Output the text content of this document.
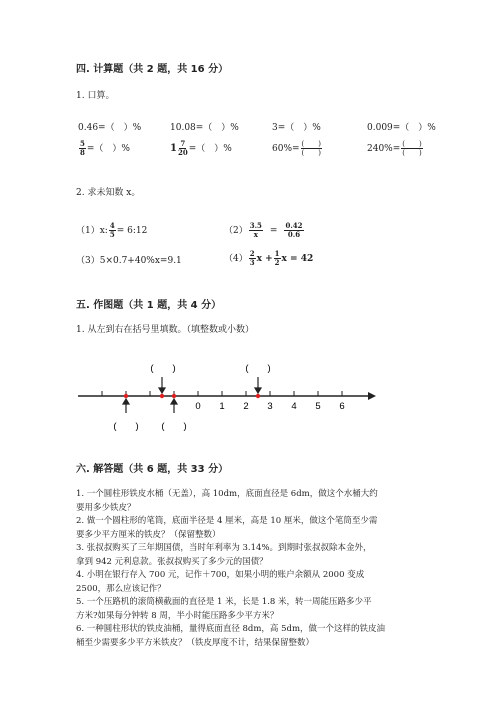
四. 计算题（共 2 题，共 16 分）
1. 口算。
0.46=（　）%	10.08=（　）%	3=（　）%	0.009=（　）%
$\frac{5}{8}$ =（　）%	$1 \frac{7}{20}$ =（　）%	$60\%= \frac{( )}{( )}$	$240\%= \frac{( )}{( )}$
2. 求未知数 x。
（1）x: $\frac{4}{5}$ = 6:12	$(2) \frac{3.5}{x} = \frac{0.42}{0.6}$
（3）5×0.7+40%x=9.1	$(4) \frac{2}{3}$ $x + \frac{1}{2}$ x = 42
五. 作图题（共 1 题，共 4 分）
1. 从左到右在括号里填数。（填整数或小数）
(　　)	(　　)
(　　) (　　)
0 1 2 3 4 5 6
六. 解答题（共 6 题，共 33 分）
1. 一个圆柱形铁皮水桶（无盖），高 10dm，底面直径是 6dm，做这个水桶大约
要用多少铁皮？
2. 做一个圆柱形的笔筒，底面半径是 4 厘米，高是 10 厘米，做这个笔筒至少需
要多少平方厘米的铁皮？（保留整数）
3. 张叔叔购买了三年期国债，当时年利率为 3.14%。到期时张叔叔除本金外，
拿到 942 元利息款。张叔叔购买了多少元的国债？
4. 小明在银行存入 700 元，记作＋700，如果小明的账户余额从 2000 变成
2500，那么应该记作？
5. 一个压路机的滚筒横截面的直径是 1 米，长是 1.8 米，转一周能压路多少平
方米?如果每分钟转 8 周，半小时能压路多少平方米？
6. 一种圆柱形状的铁皮油桶，量得底面直径 8dm，高 5dm，做一个这样的铁皮油
桶至少需要多少平方米铁皮？（铁皮厚度不计，结果保留整数）
